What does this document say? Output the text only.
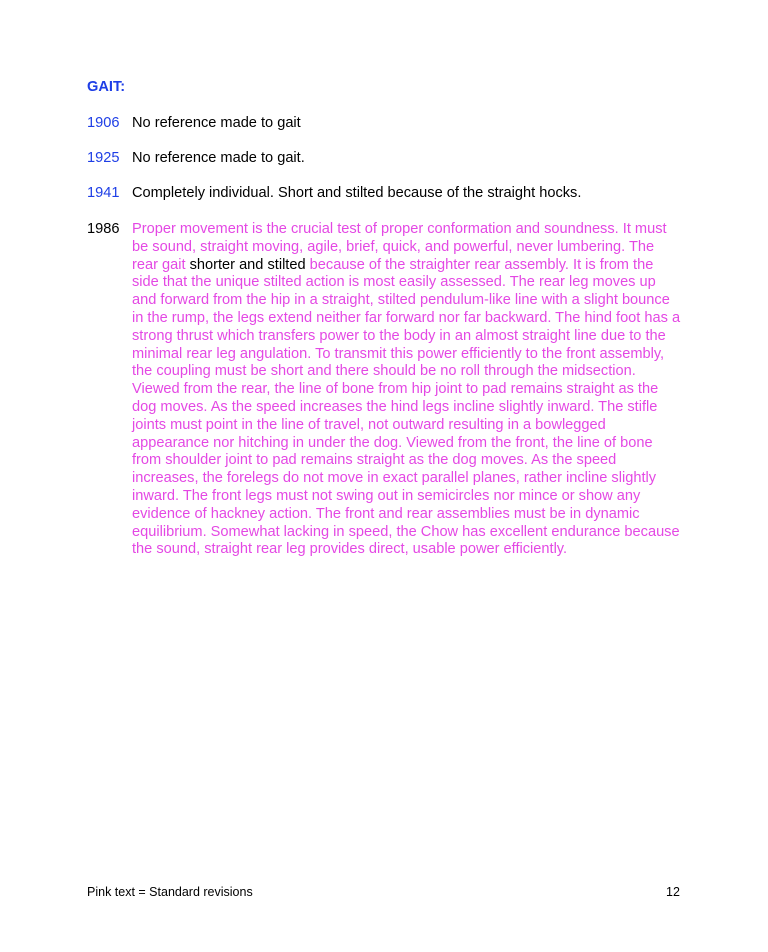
GAIT:
1906 No reference made to gait
1925 No reference made to gait.
1941 Completely individual. Short and stilted because of the straight hocks.
1986 Proper movement is the crucial test of proper conformation and soundness. It must be sound, straight moving, agile, brief, quick, and powerful, never lumbering. The rear gait shorter and stilted because of the straighter rear assembly. It is from the side that the unique stilted action is most easily assessed. The rear leg moves up and forward from the hip in a straight, stilted pendulum-like line with a slight bounce in the rump, the legs extend neither far forward nor far backward. The hind foot has a strong thrust which transfers power to the body in an almost straight line due to the minimal rear leg angulation. To transmit this power efficiently to the front assembly, the coupling must be short and there should be no roll through the midsection. Viewed from the rear, the line of bone from hip joint to pad remains straight as the dog moves. As the speed increases the hind legs incline slightly inward. The stifle joints must point in the line of travel, not outward resulting in a bowlegged appearance nor hitching in under the dog. Viewed from the front, the line of bone from shoulder joint to pad remains straight as the dog moves. As the speed increases, the forelegs do not move in exact parallel planes, rather incline slightly inward. The front legs must not swing out in semicircles nor mince or show any evidence of hackney action. The front and rear assemblies must be in dynamic equilibrium. Somewhat lacking in speed, the Chow has excellent endurance because the sound, straight rear leg provides direct, usable power efficiently.
Pink text = Standard revisions	12
